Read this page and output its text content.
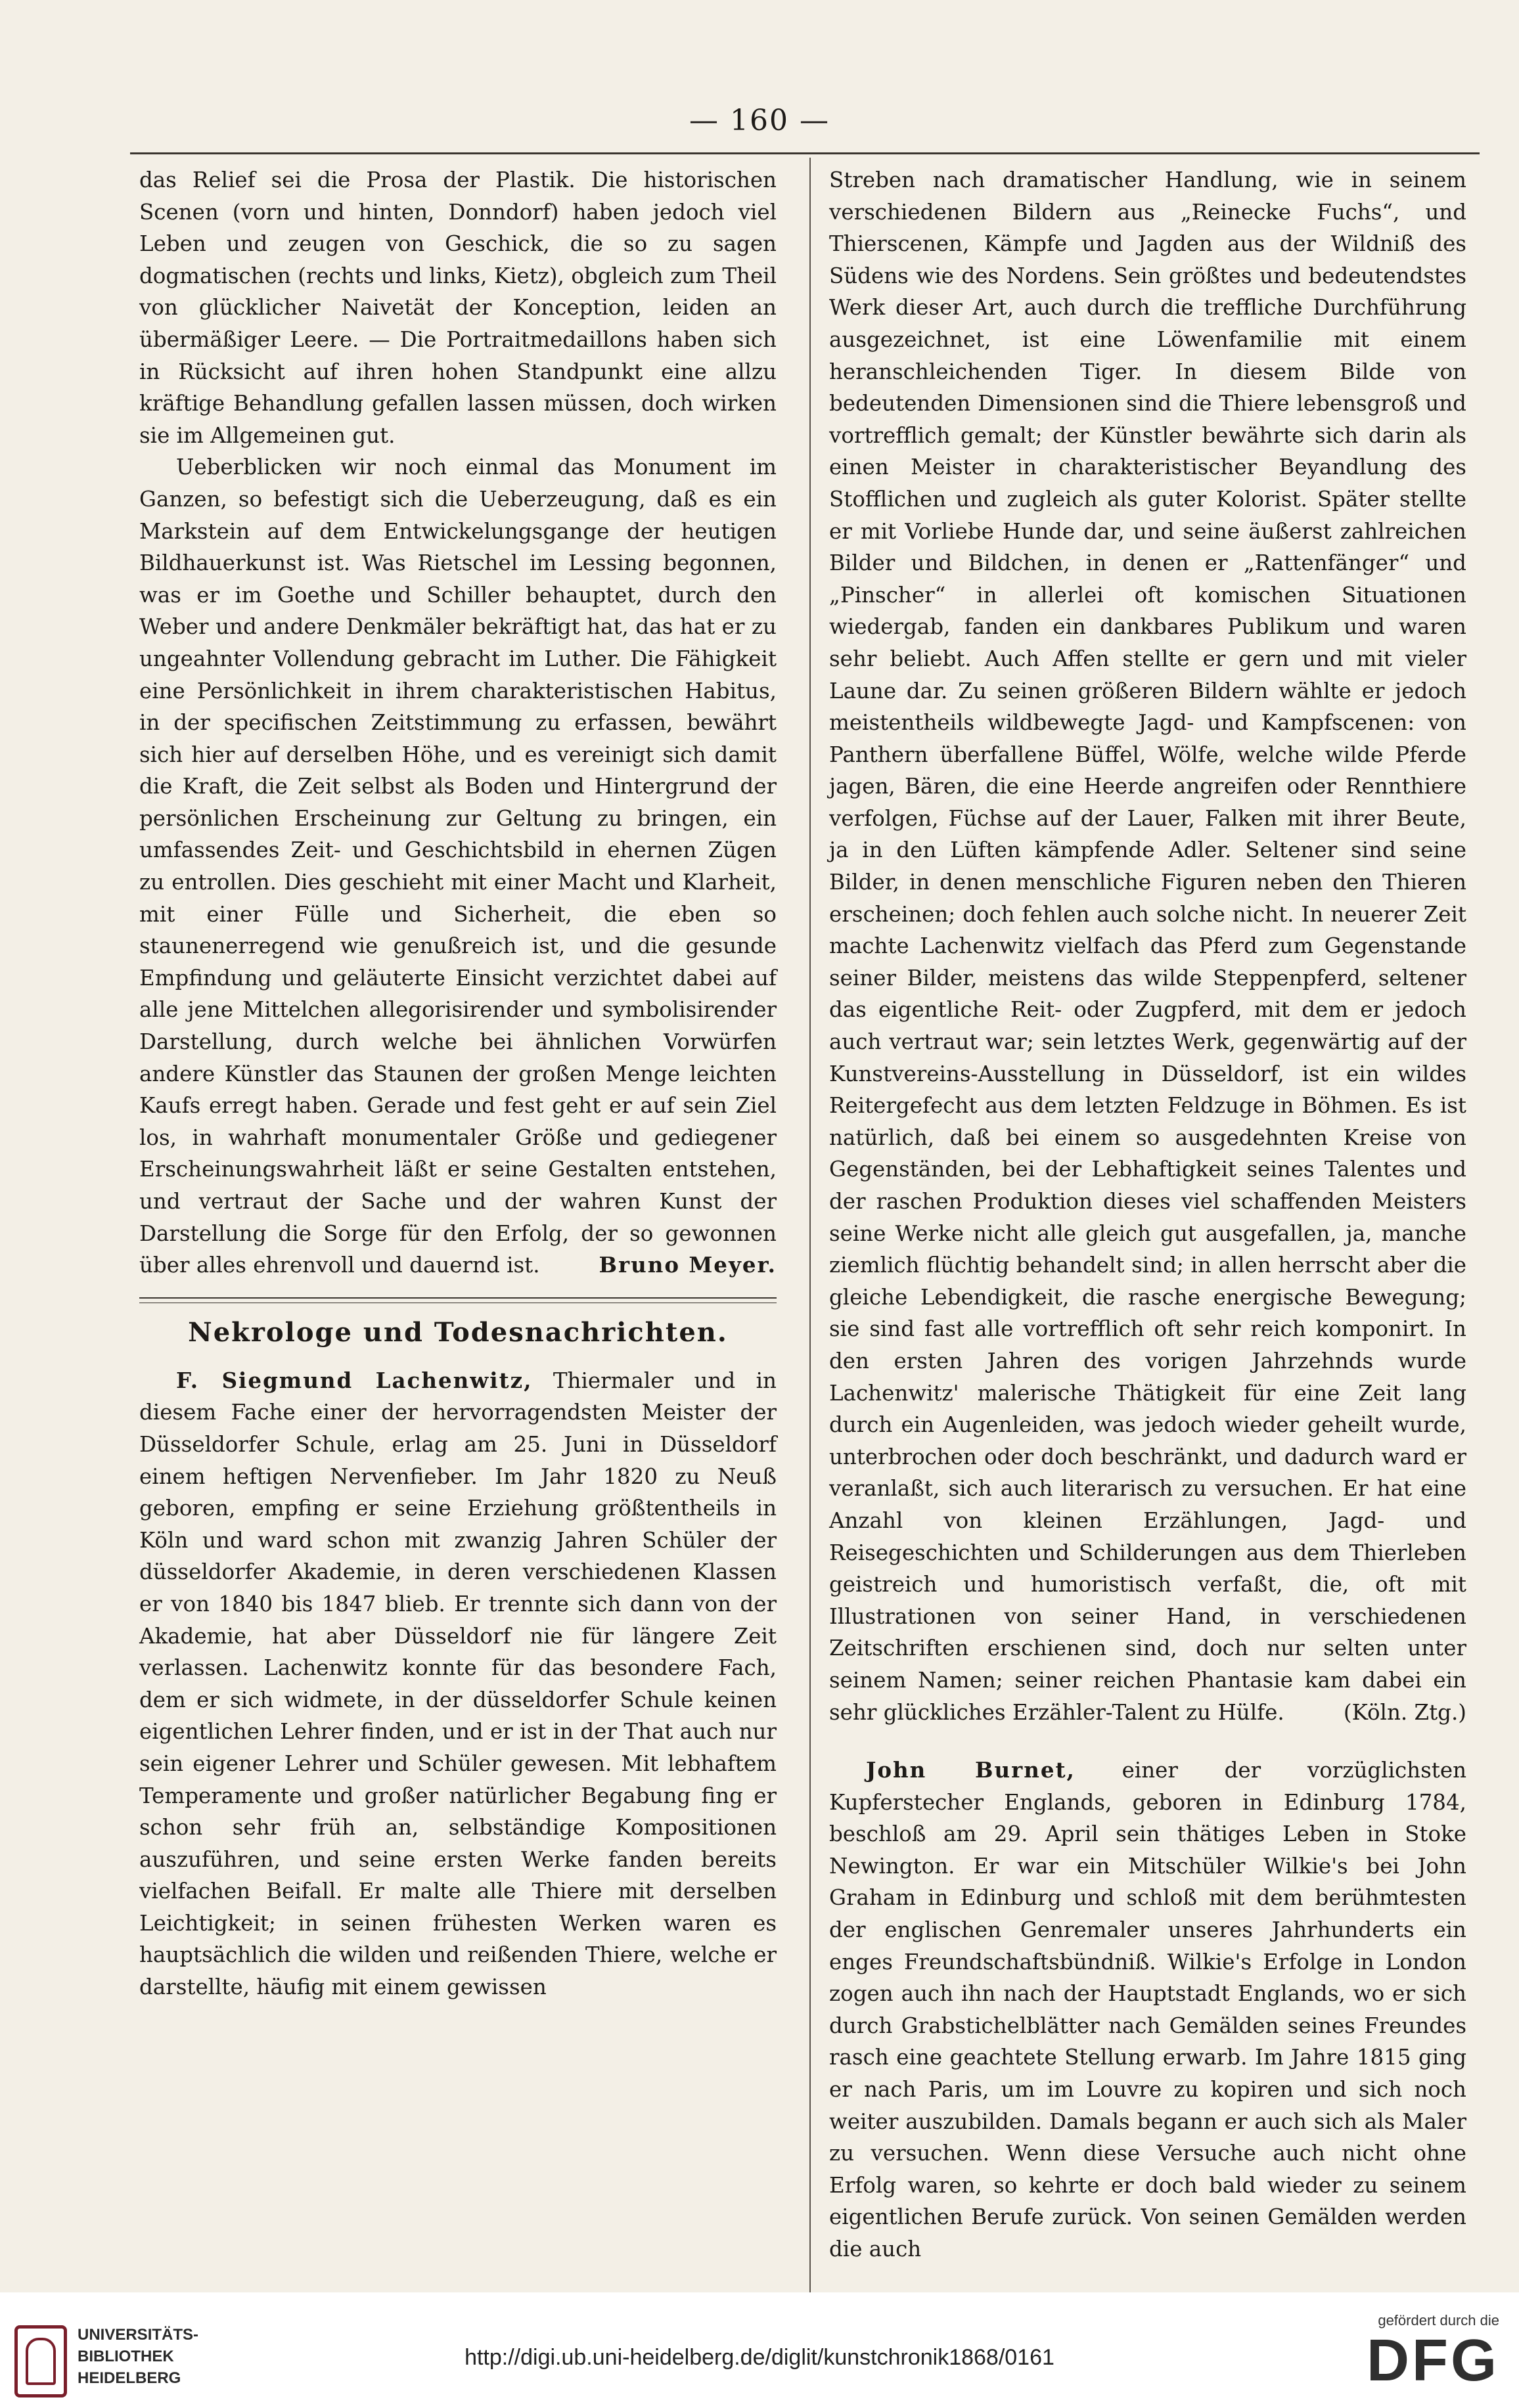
— 160 —

das Relief sei die Prosa der Plastik. Die historischen Scenen (vorn und hinten, Donndorf) haben jedoch viel Leben und zeugen von Geschick, die so zu sagen dogmatischen (rechts und links, Kietz), obgleich zum Theil von glücklicher Naivetät der Konception, leiden an übermäßiger Leere. — Die Portraitmedaillons haben sich in Rücksicht auf ihren hohen Standpunkt eine allzu kräftige Behandlung gefallen lassen müssen, doch wirken sie im Allgemeinen gut.

Ueberblicken wir noch einmal das Monument im Ganzen, so befestigt sich die Ueberzeugung, daß es ein Markstein auf dem Entwickelungsgange der heutigen Bildhauerkunst ist. Was Rietschel im Lessing begonnen, was er im Goethe und Schiller behauptet, durch den Weber und andere Denkmäler bekräftigt hat, das hat er zu ungeahnter Vollendung gebracht im Luther. Die Fähigkeit eine Persönlichkeit in ihrem charakteristischen Habitus, in der specifischen Zeitstimmung zu erfassen, bewährt sich hier auf derselben Höhe, und es vereinigt sich damit die Kraft, die Zeit selbst als Boden und Hintergrund der persönlichen Erscheinung zur Geltung zu bringen, ein umfassendes Zeit- und Geschichtsbild in ehernen Zügen zu entrollen. Dies geschieht mit einer Macht und Klarheit, mit einer Fülle und Sicherheit, die eben so staunenerregend wie genußreich ist, und die gesunde Empfindung und geläuterte Einsicht verzichtet dabei auf alle jene Mittelchen allegorisirender und symbolisirender Darstellung, durch welche bei ähnlichen Vorwürfen andere Künstler das Staunen der großen Menge leichten Kaufs erregt haben. Gerade und fest geht er auf sein Ziel los, in wahrhaft monumentaler Größe und gediegener Erscheinungswahrheit läßt er seine Gestalten entstehen, und vertraut der Sache und der wahren Kunst der Darstellung die Sorge für den Erfolg, der so gewonnen über alles ehrenvoll und dauernd ist.	Bruno Meyer.

Nekrologe und Todesnachrichten.

F. Siegmund Lachenwitz, Thiermaler und in diesem Fache einer der hervorragendsten Meister der Düsseldorfer Schule, erlag am 25. Juni in Düsseldorf einem heftigen Nervenfieber. Im Jahr 1820 zu Neuß geboren, empfing er seine Erziehung größtentheils in Köln und ward schon mit zwanzig Jahren Schüler der düsseldorfer Akademie, in deren verschiedenen Klassen er von 1840 bis 1847 blieb. Er trennte sich dann von der Akademie, hat aber Düsseldorf nie für längere Zeit verlassen. Lachenwitz konnte für das besondere Fach, dem er sich widmete, in der düsseldorfer Schule keinen eigentlichen Lehrer finden, und er ist in der That auch nur sein eigener Lehrer und Schüler gewesen. Mit lebhaftem Temperamente und großer natürlicher Begabung fing er schon sehr früh an, selbständige Kompositionen auszuführen, und seine ersten Werke fanden bereits vielfachen Beifall. Er malte alle Thiere mit derselben Leichtigkeit; in seinen frühesten Werken waren es hauptsächlich die wilden und reißenden Thiere, welche er darstellte, häufig mit einem gewissen

Streben nach dramatischer Handlung, wie in seinem verschiedenen Bildern aus „Reinecke Fuchs“, und Thierscenen, Kämpfe und Jagden aus der Wildniß des Südens wie des Nordens. Sein größtes und bedeutendstes Werk dieser Art, auch durch die treffliche Durchführung ausgezeichnet, ist eine Löwenfamilie mit einem heranschleichenden Tiger. In diesem Bilde von bedeutenden Dimensionen sind die Thiere lebensgroß und vortrefflich gemalt; der Künstler bewährte sich darin als einen Meister in charakteristischer Beyandlung des Stofflichen und zugleich als guter Kolorist. Später stellte er mit Vorliebe Hunde dar, und seine äußerst zahlreichen Bilder und Bildchen, in denen er „Rattenfänger“ und „Pinscher“ in allerlei oft komischen Situationen wiedergab, fanden ein dankbares Publikum und waren sehr beliebt. Auch Affen stellte er gern und mit vieler Laune dar. Zu seinen größeren Bildern wählte er jedoch meistentheils wildbewegte Jagd- und Kampfscenen: von Panthern überfallene Büffel, Wölfe, welche wilde Pferde jagen, Bären, die eine Heerde angreifen oder Rennthiere verfolgen, Füchse auf der Lauer, Falken mit ihrer Beute, ja in den Lüften kämpfende Adler. Seltener sind seine Bilder, in denen menschliche Figuren neben den Thieren erscheinen; doch fehlen auch solche nicht. In neuerer Zeit machte Lachenwitz vielfach das Pferd zum Gegenstande seiner Bilder, meistens das wilde Steppenpferd, seltener das eigentliche Reit- oder Zugpferd, mit dem er jedoch auch vertraut war; sein letztes Werk, gegenwärtig auf der Kunstvereins-Ausstellung in Düsseldorf, ist ein wildes Reitergefecht aus dem letzten Feldzuge in Böhmen. Es ist natürlich, daß bei einem so ausgedehnten Kreise von Gegenständen, bei der Lebhaftigkeit seines Talentes und der raschen Produktion dieses viel schaffenden Meisters seine Werke nicht alle gleich gut ausgefallen, ja, manche ziemlich flüchtig behandelt sind; in allen herrscht aber die gleiche Lebendigkeit, die rasche energische Bewegung; sie sind fast alle vortrefflich oft sehr reich komponirt. In den ersten Jahren des vorigen Jahrzehnds wurde Lachenwitz' malerische Thätigkeit für eine Zeit lang durch ein Augenleiden, was jedoch wieder geheilt wurde, unterbrochen oder doch beschränkt, und dadurch ward er veranlaßt, sich auch literarisch zu versuchen. Er hat eine Anzahl von kleinen Erzählungen, Jagd- und Reisegeschichten und Schilderungen aus dem Thierleben geistreich und humoristisch verfaßt, die, oft mit Illustrationen von seiner Hand, in verschiedenen Zeitschriften erschienen sind, doch nur selten unter seinem Namen; seiner reichen Phantasie kam dabei ein sehr glückliches Erzähler-Talent zu Hülfe.	(Köln. Ztg.)

John Burnet, einer der vorzüglichsten Kupferstecher Englands, geboren in Edinburg 1784, beschloß am 29. April sein thätiges Leben in Stoke Newington. Er war ein Mitschüler Wilkie's bei John Graham in Edinburg und schloß mit dem berühmtesten der englischen Genremaler unseres Jahrhunderts ein enges Freundschaftsbündniß. Wilkie's Erfolge in London zogen auch ihn nach der Hauptstadt Englands, wo er sich durch Grabstichelblätter nach Gemälden seines Freundes rasch eine geachtete Stellung erwarb. Im Jahre 1815 ging er nach Paris, um im Louvre zu kopiren und sich noch weiter auszubilden. Damals begann er auch sich als Maler zu versuchen. Wenn diese Versuche auch nicht ohne Erfolg waren, so kehrte er doch bald wieder zu seinem eigentlichen Berufe zurück. Von seinen Gemälden werden die auch

UNIVERSITÄTS-
BIBLIOTHEK
HEIDELBERG
http://digi.ub.uni-heidelberg.de/diglit/kunstchronik1868/0161
gefördert durch die
DFG
